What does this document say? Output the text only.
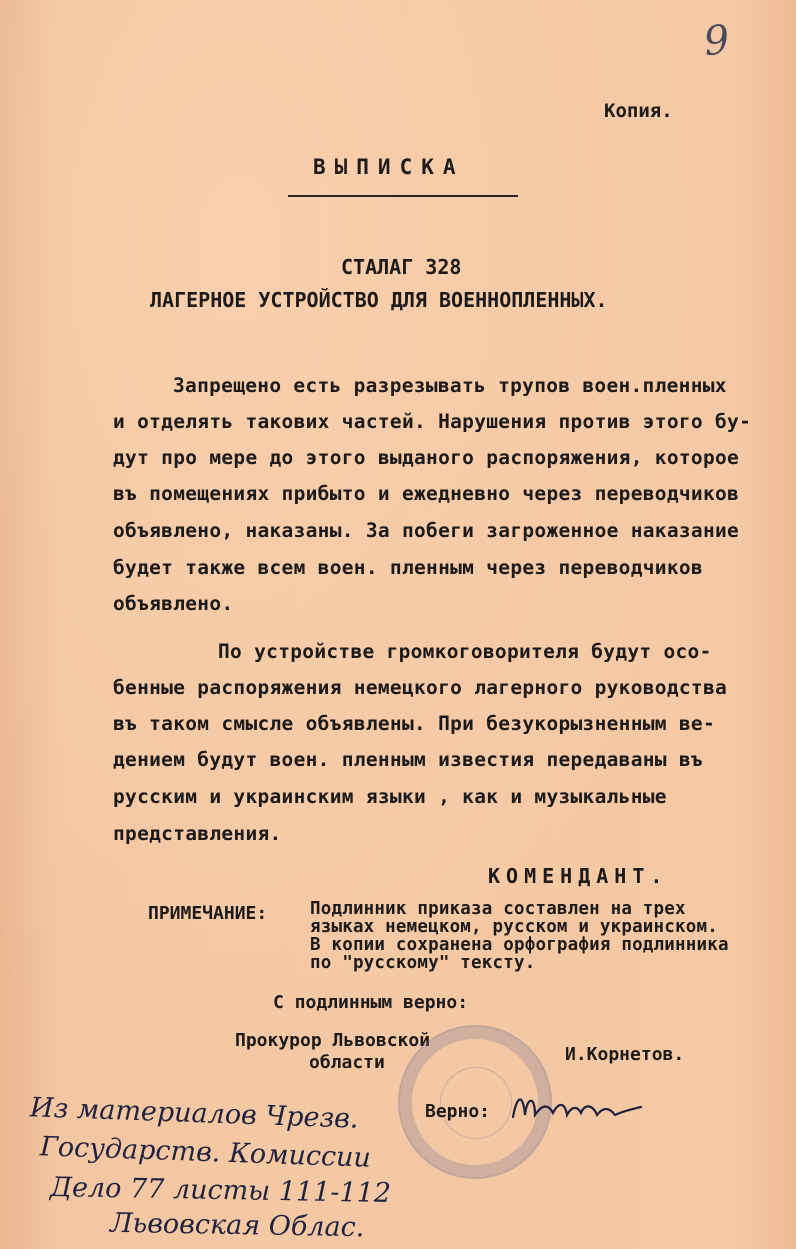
9
Копия.
ВЫПИСКА
СТАЛАГ 328
ЛАГЕРНОЕ УСТРОЙСТВО ДЛЯ ВОЕННОПЛЕННЫХ.
Запрещено есть разрезывать трупов воен.пленных
и отделять таковиx частей. Нарушения против этого бу-
дут про мере до этого выданого распоряжения, которое
въ помещениях прибыто и ежедневно через переводчиков
объявлено, наказаны. За побеги загроженное наказание
будет также всем воен. пленным через переводчиков
объявлено.
По устройстве громкоговорителя будут осо-
бенные распоряжения немецкого лагерного руководства
въ таком смысле объявлены. При безукорызненным ве-
дением будут воен. пленным известия передаваны въ
русским и украинским языки , как и музыкальные
представления.
КОМЕНДАНТ.
ПРИМЕЧАНИЕ: Подлинник приказа составлен на трех
языках немецком, русском и украинском.
В копии сохранена орфография подлинника
по "русскому" тексту.
С подлинным верно:
Прокурор Львовской
области	И.Корнетов.
Верно:
Из материалов Чрезв.
Государств. Комиссии
Дело 77 листы 111-112
Львовская Облас.
